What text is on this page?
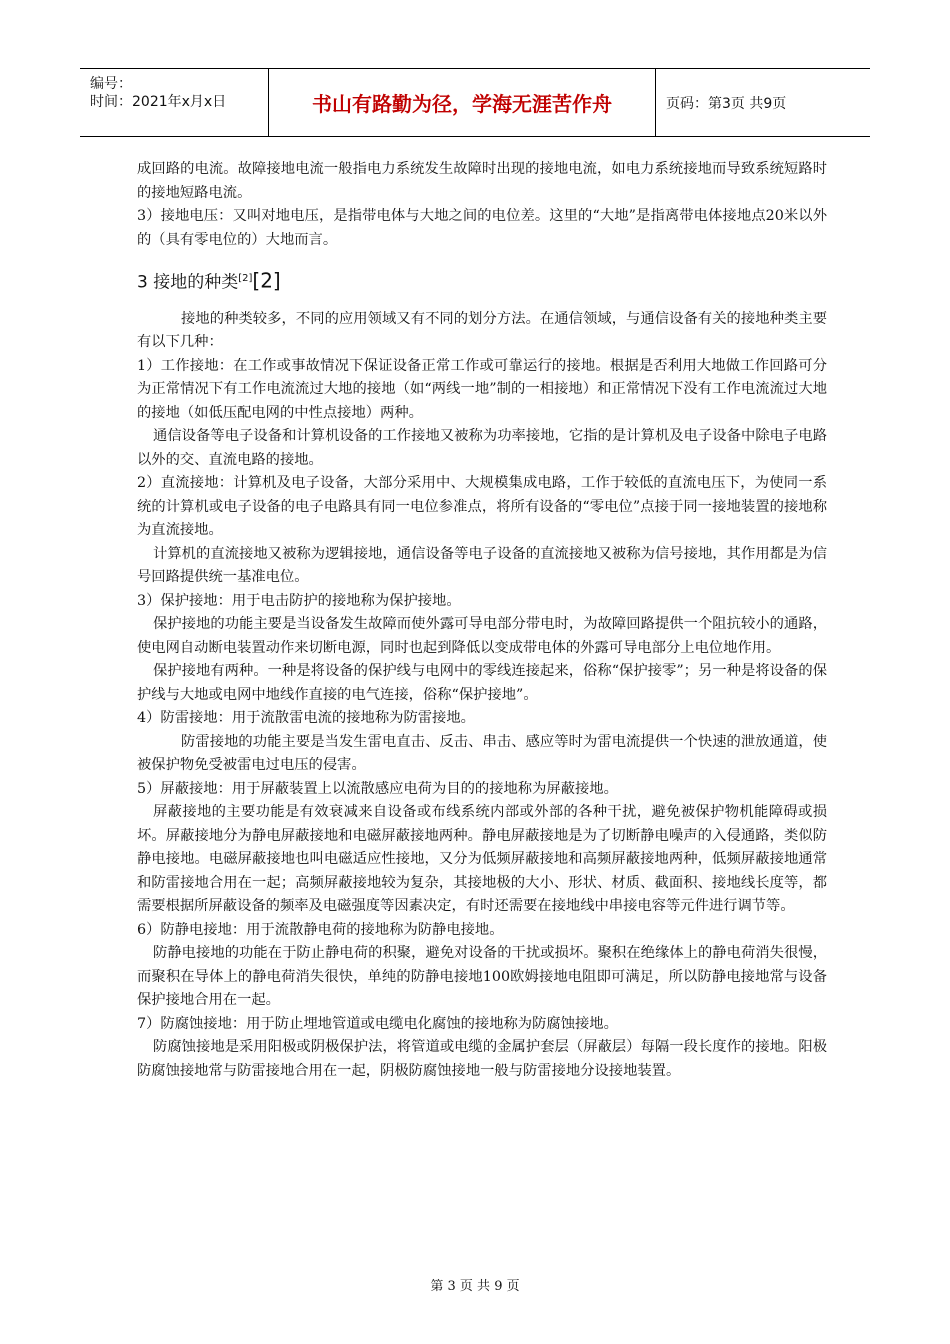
编号：
时间：2021年x月x日	书山有路勤为径，学海无涯苦作舟	页码：第3页 共9页

成回路的电流。故障接地电流一般指电力系统发生故障时出现的接地电流，如电力系统接地而导致系统短路时的接地短路电流。

3）接地电压：又叫对地电压，是指带电体与大地之间的电位差。这里的“大地”是指离带电体接地点20米以外的（具有零电位的）大地而言。

3 接地的种类[2][2]

接地的种类较多，不同的应用领域又有不同的划分方法。在通信领域，与通信设备有关的接地种类主要有以下几种：

1）工作接地：在工作或事故情况下保证设备正常工作或可靠运行的接地。根据是否利用大地做工作回路可分为正常情况下有工作电流流过大地的接地（如“两线一地”制的一相接地）和正常情况下没有工作电流流过大地的接地（如低压配电网的中性点接地）两种。

通信设备等电子设备和计算机设备的工作接地又被称为功率接地，它指的是计算机及电子设备中除电子电路以外的交、直流电路的接地。

2）直流接地：计算机及电子设备，大部分采用中、大规模集成电路，工作于较低的直流电压下，为使同一系统的计算机或电子设备的电子电路具有同一电位参准点，将所有设备的“零电位”点接于同一接地装置的接地称为直流接地。

计算机的直流接地又被称为逻辑接地，通信设备等电子设备的直流接地又被称为信号接地，其作用都是为信号回路提供统一基准电位。

3）保护接地：用于电击防护的接地称为保护接地。

保护接地的功能主要是当设备发生故障而使外露可导电部分带电时，为故障回路提供一个阻抗较小的通路，使电网自动断电装置动作来切断电源，同时也起到降低以变成带电体的外露可导电部分上电位地作用。

保护接地有两种。一种是将设备的保护线与电网中的零线连接起来，俗称“保护接零”；另一种是将设备的保护线与大地或电网中地线作直接的电气连接，俗称“保护接地”。

4）防雷接地：用于流散雷电流的接地称为防雷接地。

防雷接地的功能主要是当发生雷电直击、反击、串击、感应等时为雷电流提供一个快速的泄放通道，使被保护物免受被雷电过电压的侵害。

5）屏蔽接地：用于屏蔽装置上以流散感应电荷为目的的接地称为屏蔽接地。

屏蔽接地的主要功能是有效衰减来自设备或布线系统内部或外部的各种干扰，避免被保护物机能障碍或损坏。屏蔽接地分为静电屏蔽接地和电磁屏蔽接地两种。静电屏蔽接地是为了切断静电噪声的入侵通路，类似防静电接地。电磁屏蔽接地也叫电磁适应性接地，又分为低频屏蔽接地和高频屏蔽接地两种，低频屏蔽接地通常和防雷接地合用在一起；高频屏蔽接地较为复杂，其接地极的大小、形状、材质、截面积、接地线长度等，都需要根据所屏蔽设备的频率及电磁强度等因素决定，有时还需要在接地线中串接电容等元件进行调节等。

6）防静电接地：用于流散静电荷的接地称为防静电接地。

防静电接地的功能在于防止静电荷的积聚，避免对设备的干扰或损坏。聚积在绝缘体上的静电荷消失很慢，而聚积在导体上的静电荷消失很快，单纯的防静电接地100欧姆接地电阻即可满足，所以防静电接地常与设备保护接地合用在一起。

7）防腐蚀接地：用于防止埋地管道或电缆电化腐蚀的接地称为防腐蚀接地。

防腐蚀接地是采用阳极或阴极保护法，将管道或电缆的金属护套层（屏蔽层）每隔一段长度作的接地。阳极防腐蚀接地常与防雷接地合用在一起，阴极防腐蚀接地一般与防雷接地分设接地装置。

第 3 页 共 9 页
